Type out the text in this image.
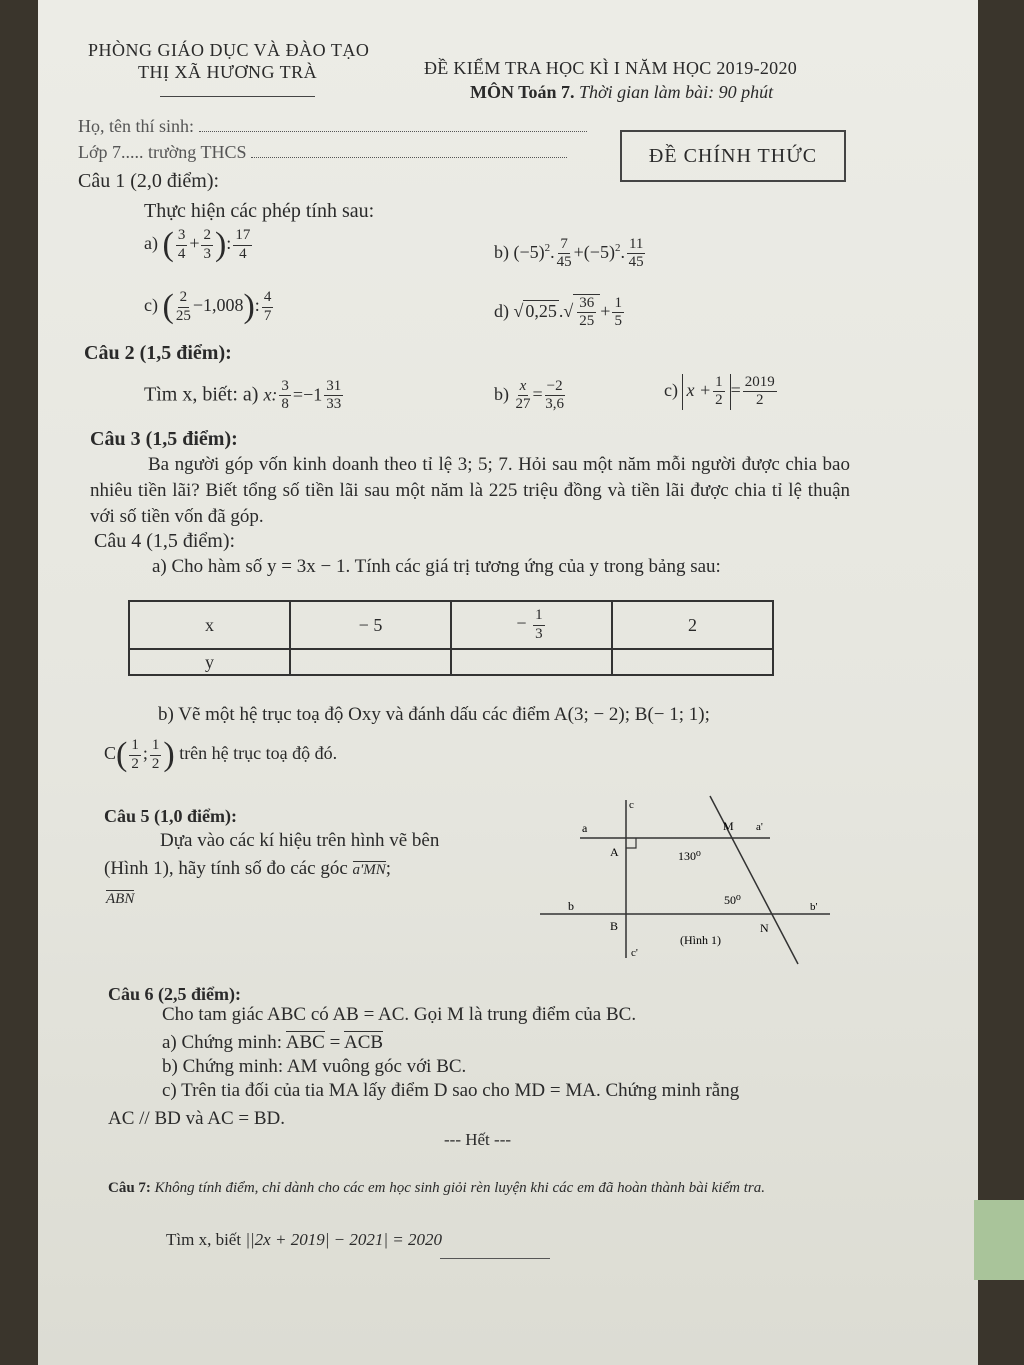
PHÒNG GIÁO DỤC VÀ ĐÀO TẠO
THỊ XÃ HƯƠNG TRÀ	ĐỀ KIỂM TRA HỌC KÌ I NĂM HỌC 2019-2020
MÔN Toán 7. Thời gian làm bài: 90 phút
Họ, tên thí sinh:
Lớp 7..... trường THCS	ĐỀ CHÍNH THỨC
Câu 1 (2,0 điểm):
Thực hiện các phép tính sau:
a) ( $\frac{3}{4} + \frac{2}{3}$ ): $\frac{17}{4}$	b) $(-5)^2$. $\frac{7}{45} +(-5)^2$. $\frac{11}{45}$
c) ( $\frac{2}{25} -1,008$): $\frac{4}{7}$	d) √ 0,25 .√ $\frac{36}{25} + \frac{1}{5}$
Câu 2 (1,5 điểm):
Tìm x, biết: a) x: $\frac{3}{8} =-1 \frac{31}{33}$	$b) \frac{x}{27} = \frac{-2}{3,6}$	c) $x + \frac{1}{2} = \frac{2019}{2}$
Câu 3 (1,5 điểm):
Ba người góp vốn kinh doanh theo tỉ lệ 3; 5; 7. Hỏi sau một năm mỗi người được chia bao nhiêu tiền lãi? Biết tổng số tiền lãi sau một năm là 225 triệu đồng và tiền lãi được chia tỉ lệ thuận với số tiền vốn đã góp.
Câu 4 (1,5 điểm):
a) Cho hàm số y = 3x − 1. Tính các giá trị tương ứng của y trong bảng sau:
x	− 5	− $\frac{1}{3}$	2
y			
b) Vẽ một hệ trục toạ độ Oxy và đánh dấu các điểm A(3; − 2); B(− 1; 1);
$C( \frac{1}{2}$ ; $\frac{1}{2}$ ) trên hệ trục toạ độ đó.
Câu 5 (1,0 điểm):
Dựa vào các kí hiệu trên hình vẽ bên
(Hình 1), hãy tính số đo các góc a'MN;
ABN
c
a	M a'
A	130⁰
50⁰
b	b'
B	N
(Hình 1)
c'
Câu 6 (2,5 điểm):
Cho tam giác ABC có AB = AC. Gọi M là trung điểm của BC.
a) Chứng minh: ABC = ACB
b) Chứng minh: AM vuông góc với BC.
c) Trên tia đối của tia MA lấy điểm D sao cho MD = MA. Chứng minh rằng
AC // BD và AC = BD.
--- Hết ---
Câu 7: Không tính điểm, chỉ dành cho các em học sinh giỏi rèn luyện khi các em đã hoàn thành bài kiểm tra.
Tìm x, biết ||2x + 2019| − 2021| = 2020
